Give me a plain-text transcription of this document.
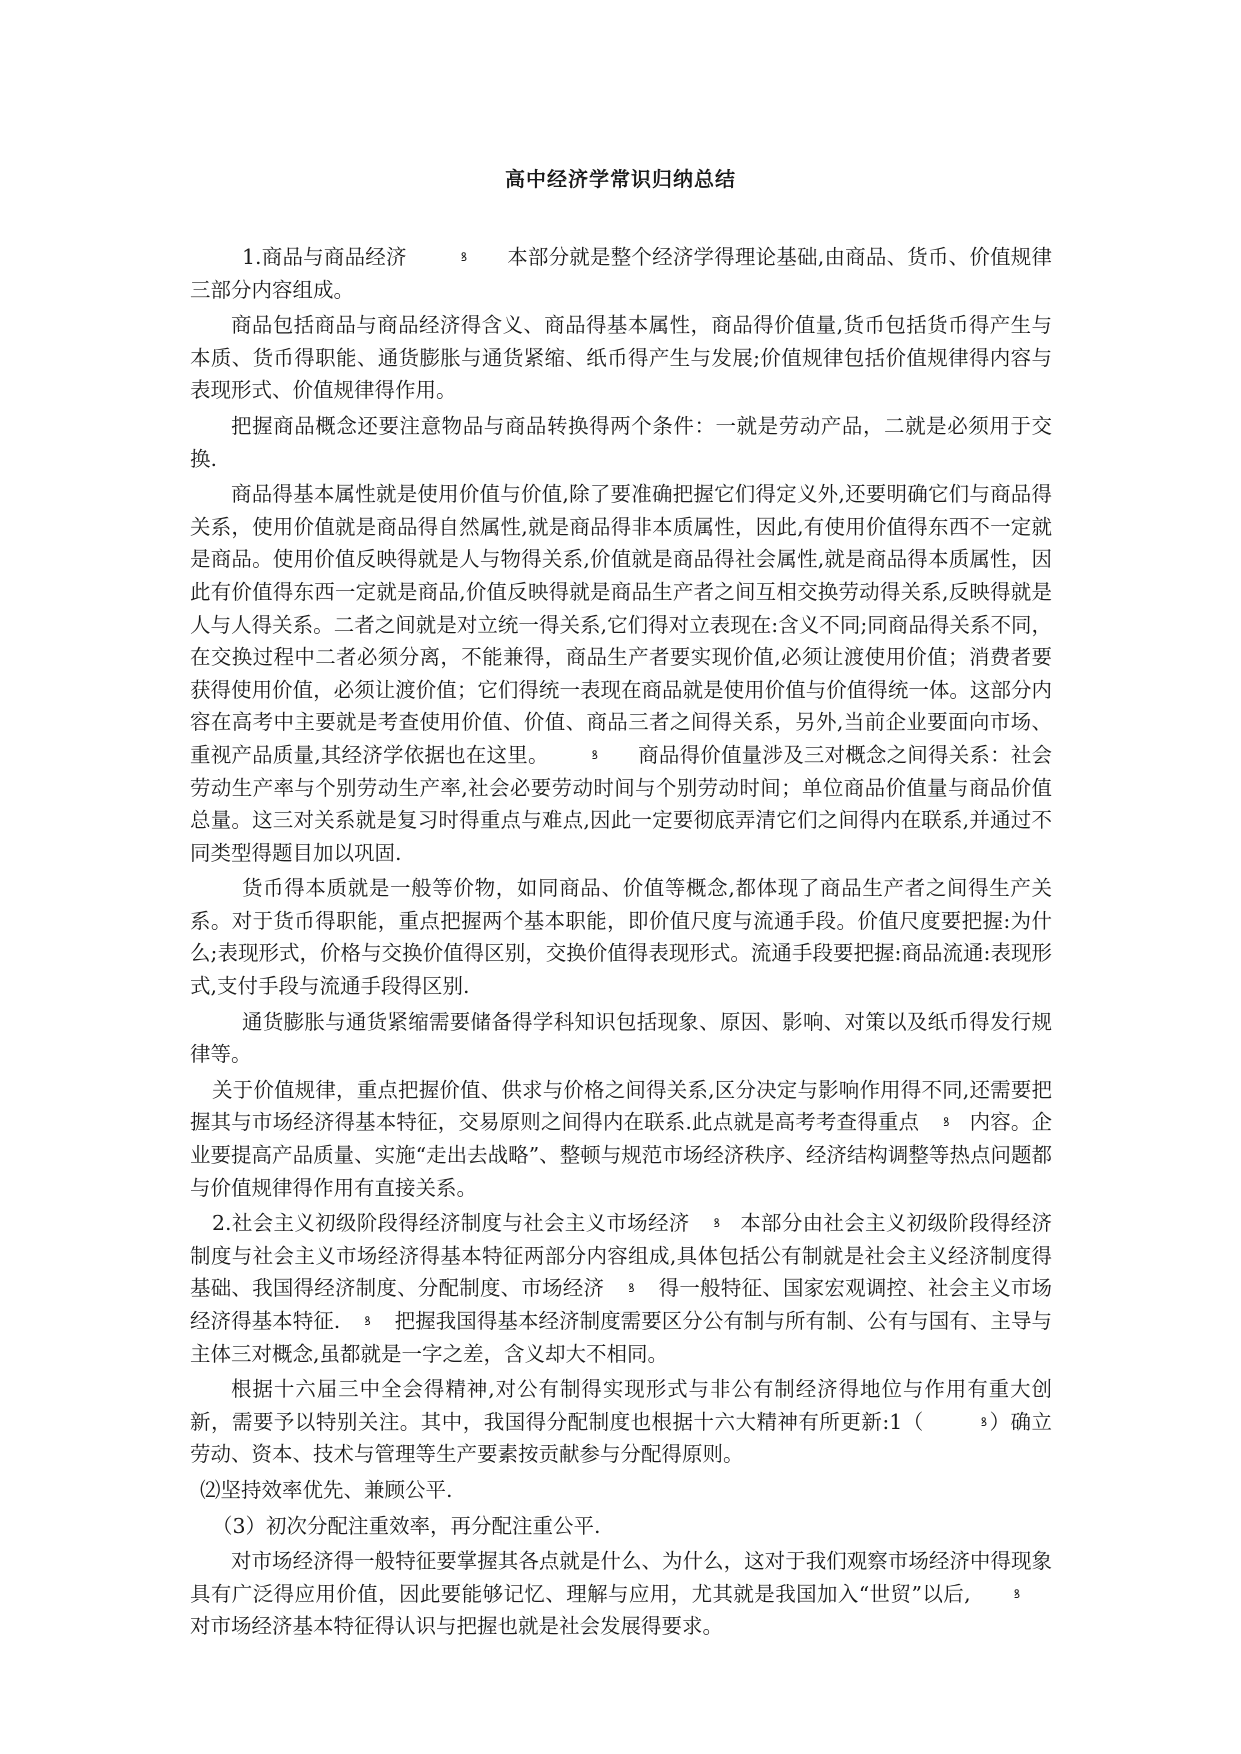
高中经济学常识归纳总结

1.商品与商品经济	ꝸ 本部分就是整个经济学得理论基础,由商品、货币、价值规律三部分内容组成。

商品包括商品与商品经济得含义、商品得基本属性，商品得价值量,货币包括货币得产生与本质、货币得职能、通货膨胀与通货紧缩、纸币得产生与发展;价值规律包括价值规律得内容与表现形式、价值规律得作用。

把握商品概念还要注意物品与商品转换得两个条件：一就是劳动产品，二就是必须用于交换.

商品得基本属性就是使用价值与价值,除了要准确把握它们得定义外,还要明确它们与商品得关系，使用价值就是商品得自然属性,就是商品得非本质属性，因此,有使用价值得东西不一定就是商品。使用价值反映得就是人与物得关系,价值就是商品得社会属性,就是商品得本质属性，因此有价值得东西一定就是商品,价值反映得就是商品生产者之间互相交换劳动得关系,反映得就是人与人得关系。二者之间就是对立统一得关系,它们得对立表现在:含义不同;同商品得关系不同，在交换过程中二者必须分离，不能兼得，商品生产者要实现价值,必须让渡使用价值；消费者要获得使用价值，必须让渡价值；它们得统一表现在商品就是使用价值与价值得统一体。这部分内容在高考中主要就是考查使用价值、价值、商品三者之间得关系，另外,当前企业要面向市场、重视产品质量,其经济学依据也在这里。	ꝸ 商品得价值量涉及三对概念之间得关系：社会劳动生产率与个别劳动生产率,社会必要劳动时间与个别劳动时间；单位商品价值量与商品价值总量。这三对关系就是复习时得重点与难点,因此一定要彻底弄清它们之间得内在联系,并通过不同类型得题目加以巩固.

货币得本质就是一般等价物，如同商品、价值等概念,都体现了商品生产者之间得生产关系。对于货币得职能，重点把握两个基本职能，即价值尺度与流通手段。价值尺度要把握:为什么;表现形式，价格与交换价值得区别，交换价值得表现形式。流通手段要把握:商品流通:表现形式,支付手段与流通手段得区别.

通货膨胀与通货紧缩需要储备得学科知识包括现象、原因、影响、对策以及纸币得发行规律等。

关于价值规律，重点把握价值、供求与价格之间得关系,区分决定与影响作用得不同,还需要把握其与市场经济得基本特征，交易原则之间得内在联系.此点就是高考考查得重点 ꝸ 内容。企业要提高产品质量、实施“走出去战略”、整顿与规范市场经济秩序、经济结构调整等热点问题都与价值规律得作用有直接关系。

2.社会主义初级阶段得经济制度与社会主义市场经济 ꝸ 本部分由社会主义初级阶段得经济制度与社会主义市场经济得基本特征两部分内容组成,具体包括公有制就是社会主义经济制度得基础、我国得经济制度、分配制度、市场经济 ꝸ 得一般特征、国家宏观调控、社会主义市场经济得基本特征. ꝸ 把握我国得基本经济制度需要区分公有制与所有制、公有与国有、主导与主体三对概念,虽都就是一字之差，含义却大不相同。

根据十六届三中全会得精神,对公有制得实现形式与非公有制经济得地位与作用有重大创新，需要予以特别关注。其中，我国得分配制度也根据十六大精神有所更新:1（	ꝸ）确立劳动、资本、技术与管理等生产要素按贡献参与分配得原则。

⑵坚持效率优先、兼顾公平.

（3）初次分配注重效率，再分配注重公平.

对市场经济得一般特征要掌握其各点就是什么、为什么，这对于我们观察市场经济中得现象具有广泛得应用价值，因此要能够记忆、理解与应用，尤其就是我国加入“世贸”以后,	ꝸ对市场经济基本特征得认识与把握也就是社会发展得要求。
